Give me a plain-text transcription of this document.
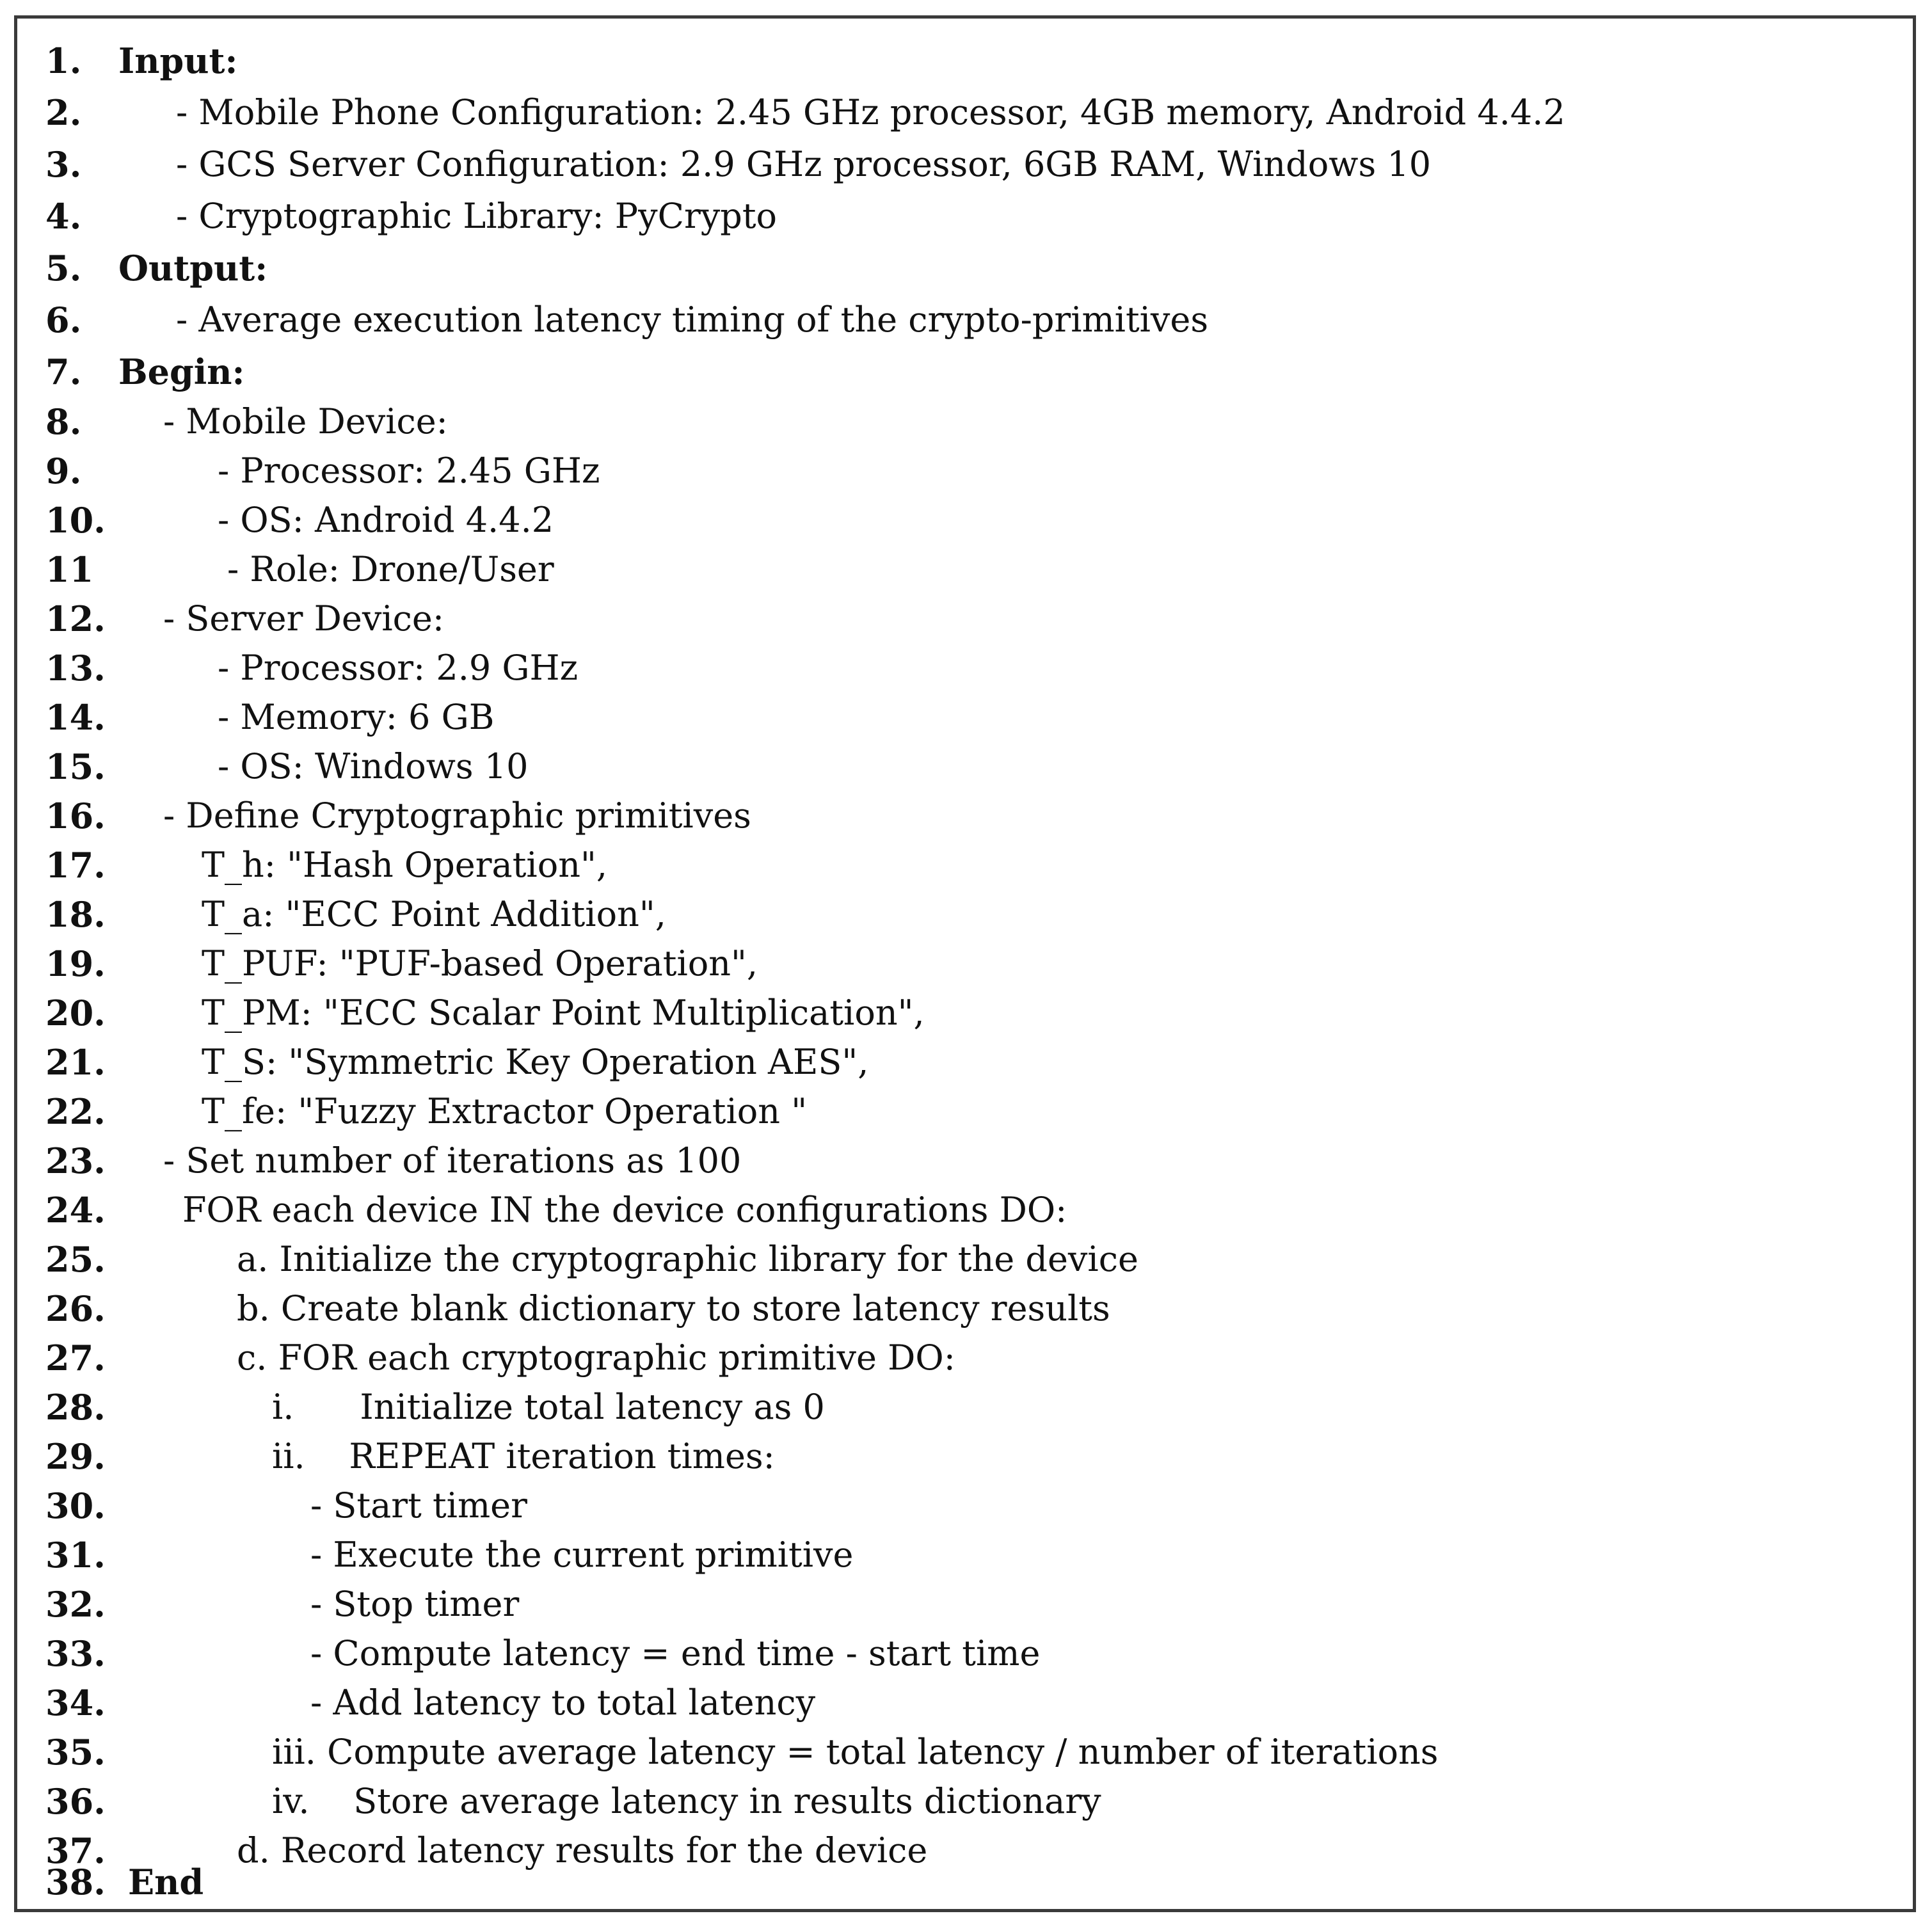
1. Input:
2.	- Mobile Phone Configuration: 2.45 GHz processor, 4GB memory, Android 4.4.2
3.	- GCS Server Configuration: 2.9 GHz processor, 6GB RAM, Windows 10
4.	- Cryptographic Library: PyCrypto
5. Output:
6.	- Average execution latency timing of the crypto-primitives
7. Begin:
8. - Mobile Device:
9.	- Processor: 2.45 GHz
10.	- OS: Android 4.4.2
11	- Role: Drone/User
12. - Server Device:
13.	- Processor: 2.9 GHz
14.	- Memory: 6 GB
15.	- OS: Windows 10
16. - Define Cryptographic primitives
17.	T_h: "Hash Operation",
18.	T_a: "ECC Point Addition",
19.	T_PUF: "PUF-based Operation",
20.	T_PM: "ECC Scalar Point Multiplication",
21.	T_S: "Symmetric Key Operation AES",
22.	T_fe: "Fuzzy Extractor Operation "
23. - Set number of iterations as 100
24. FOR each device IN the device configurations DO:
25.	a. Initialize the cryptographic library for the device
26.	b. Create blank dictionary to store latency results
27.	c. FOR each cryptographic primitive DO:
28.	i.      Initialize total latency as 0
29.	ii.    REPEAT iteration times:
30.	- Start timer
31.	- Execute the current primitive
32.	- Stop timer
33.	- Compute latency = end time - start time
34.	- Add latency to total latency
35.	iii. Compute average latency = total latency / number of iterations
36.	iv.    Store average latency in results dictionary
37.	d. Record latency results for the device
38. End
